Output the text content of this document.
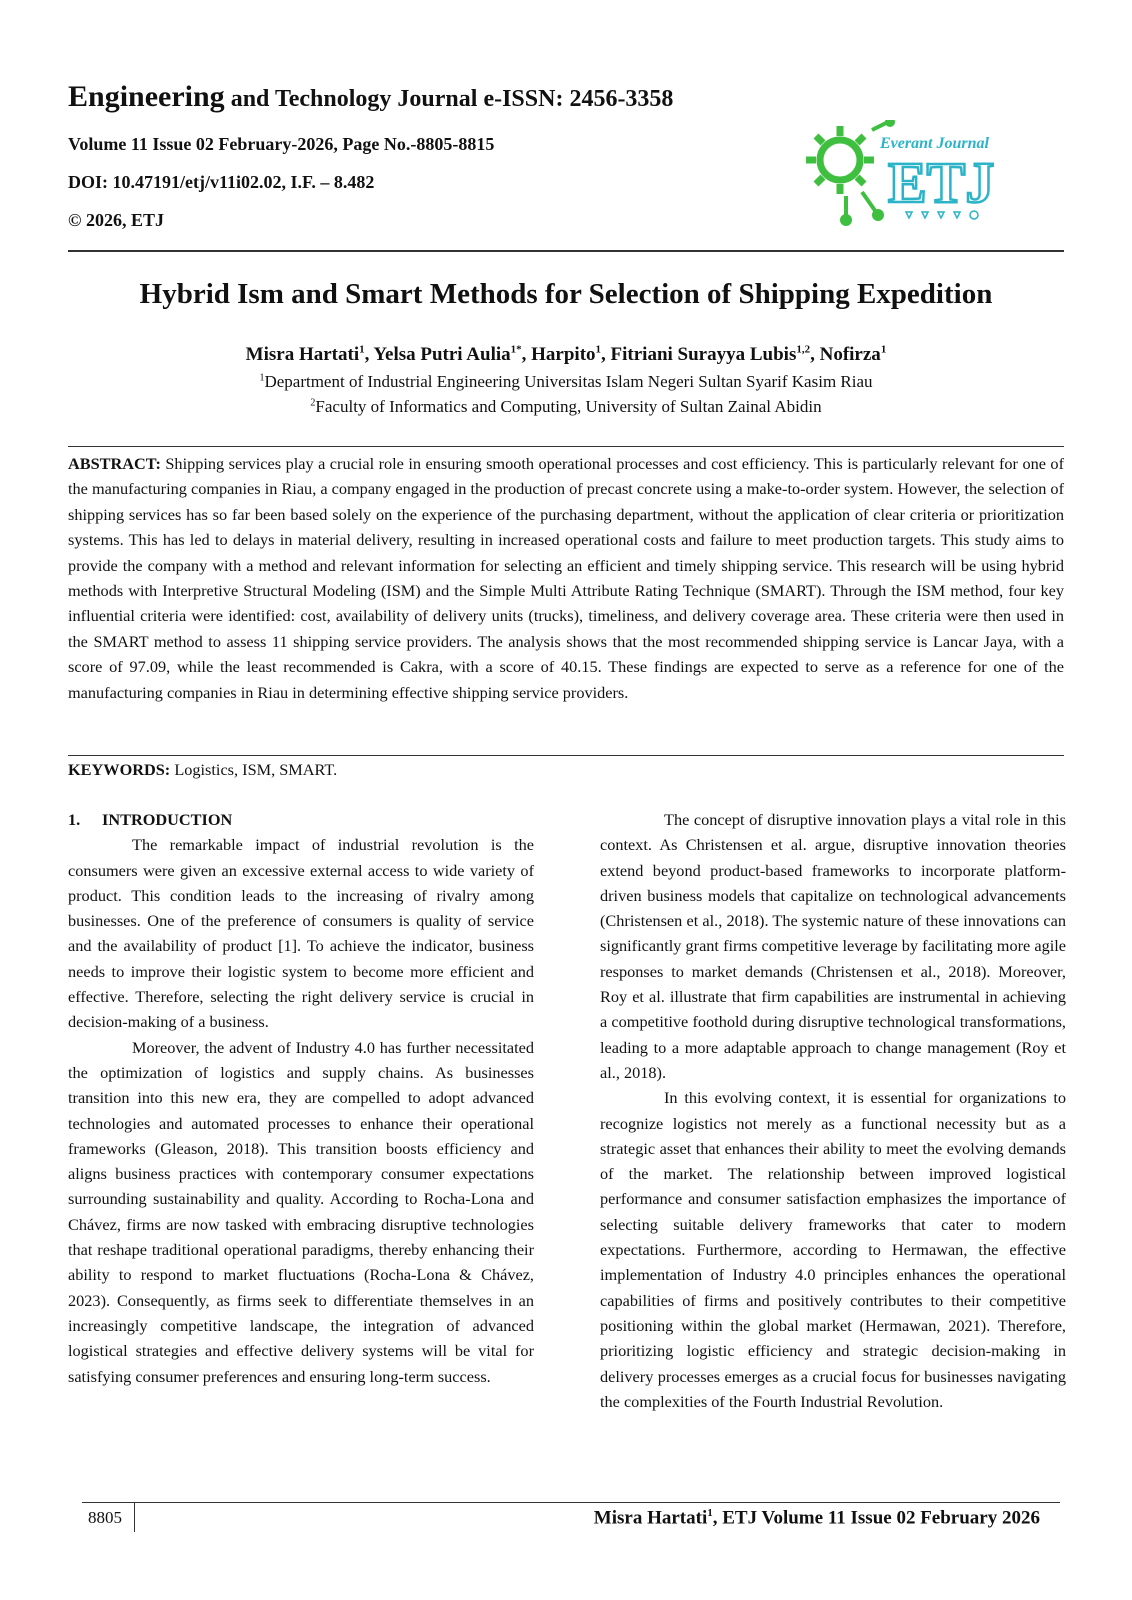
Engineering and Technology Journal e-ISSN: 2456-3358
Volume 11 Issue 02 February-2026, Page No.-8805-8815
DOI: 10.47191/etj/v11i02.02, I.F. – 8.482
© 2026, ETJ
Everant Journal
ETJ
Hybrid Ism and Smart Methods for Selection of Shipping Expedition
Misra Hartati$^1$, Yelsa Putri Aulia$^{1*}$, Harpito$^1$, Fitriani Surayya Lubis$^{1,2}$, Nofirza$^1$
$^1$Department of Industrial Engineering Universitas Islam Negeri Sultan Syarif Kasim Riau
$^2$Faculty of Informatics and Computing, University of Sultan Zainal Abidin
ABSTRACT: Shipping services play a crucial role in ensuring smooth operational processes and cost efficiency. This is particularly relevant for one of the manufacturing companies in Riau, a company engaged in the production of precast concrete using a make-to-order system. However, the selection of shipping services has so far been based solely on the experience of the purchasing department, without the application of clear criteria or prioritization systems. This has led to delays in material delivery, resulting in increased operational costs and failure to meet production targets. This study aims to provide the company with a method and relevant information for selecting an efficient and timely shipping service. This research will be using hybrid methods with Interpretive Structural Modeling (ISM) and the Simple Multi Attribute Rating Technique (SMART). Through the ISM method, four key influential criteria were identified: cost, availability of delivery units (trucks), timeliness, and delivery coverage area. These criteria were then used in the SMART method to assess 11 shipping service providers. The analysis shows that the most recommended shipping service is Lancar Jaya, with a score of 97.09, while the least recommended is Cakra, with a score of 40.15. These findings are expected to serve as a reference for one of the manufacturing companies in Riau in determining effective shipping service providers.
KEYWORDS: Logistics, ISM, SMART.
1. INTRODUCTION

The remarkable impact of industrial revolution is the consumers were given an excessive external access to wide variety of product. This condition leads to the increasing of rivalry among businesses. One of the preference of consumers is quality of service and the availability of product [1]. To achieve the indicator, business needs to improve their logistic system to become more efficient and effective. Therefore, selecting the right delivery service is crucial in decision-making of a business.

Moreover, the advent of Industry 4.0 has further necessitated the optimization of logistics and supply chains. As businesses transition into this new era, they are compelled to adopt advanced technologies and automated processes to enhance their operational frameworks (Gleason, 2018). This transition boosts efficiency and aligns business practices with contemporary consumer expectations surrounding sustainability and quality. According to Rocha-Lona and Chávez, firms are now tasked with embracing disruptive technologies that reshape traditional operational paradigms, thereby enhancing their ability to respond to market fluctuations (Rocha-Lona & Chávez, 2023). Consequently, as firms seek to differentiate themselves in an increasingly competitive landscape, the integration of advanced logistical strategies and effective delivery systems will be vital for satisfying consumer preferences and ensuring long-term success.

The concept of disruptive innovation plays a vital role in this context. As Christensen et al. argue, disruptive innovation theories extend beyond product-based frameworks to incorporate platform-driven business models that capitalize on technological advancements (Christensen et al., 2018). The systemic nature of these innovations can significantly grant firms competitive leverage by facilitating more agile responses to market demands (Christensen et al., 2018). Moreover, Roy et al. illustrate that firm capabilities are instrumental in achieving a competitive foothold during disruptive technological transformations, leading to a more adaptable approach to change management (Roy et al., 2018).

In this evolving context, it is essential for organizations to recognize logistics not merely as a functional necessity but as a strategic asset that enhances their ability to meet the evolving demands of the market. The relationship between improved logistical performance and consumer satisfaction emphasizes the importance of selecting suitable delivery frameworks that cater to modern expectations. Furthermore, according to Hermawan, the effective implementation of Industry 4.0 principles enhances the operational capabilities of firms and positively contributes to their competitive positioning within the global market (Hermawan, 2021). Therefore, prioritizing logistic efficiency and strategic decision-making in delivery processes emerges as a crucial focus for businesses navigating the complexities of the Fourth Industrial Revolution.

8805	Misra Hartati$^1$, ETJ Volume 11 Issue 02 February 2026
